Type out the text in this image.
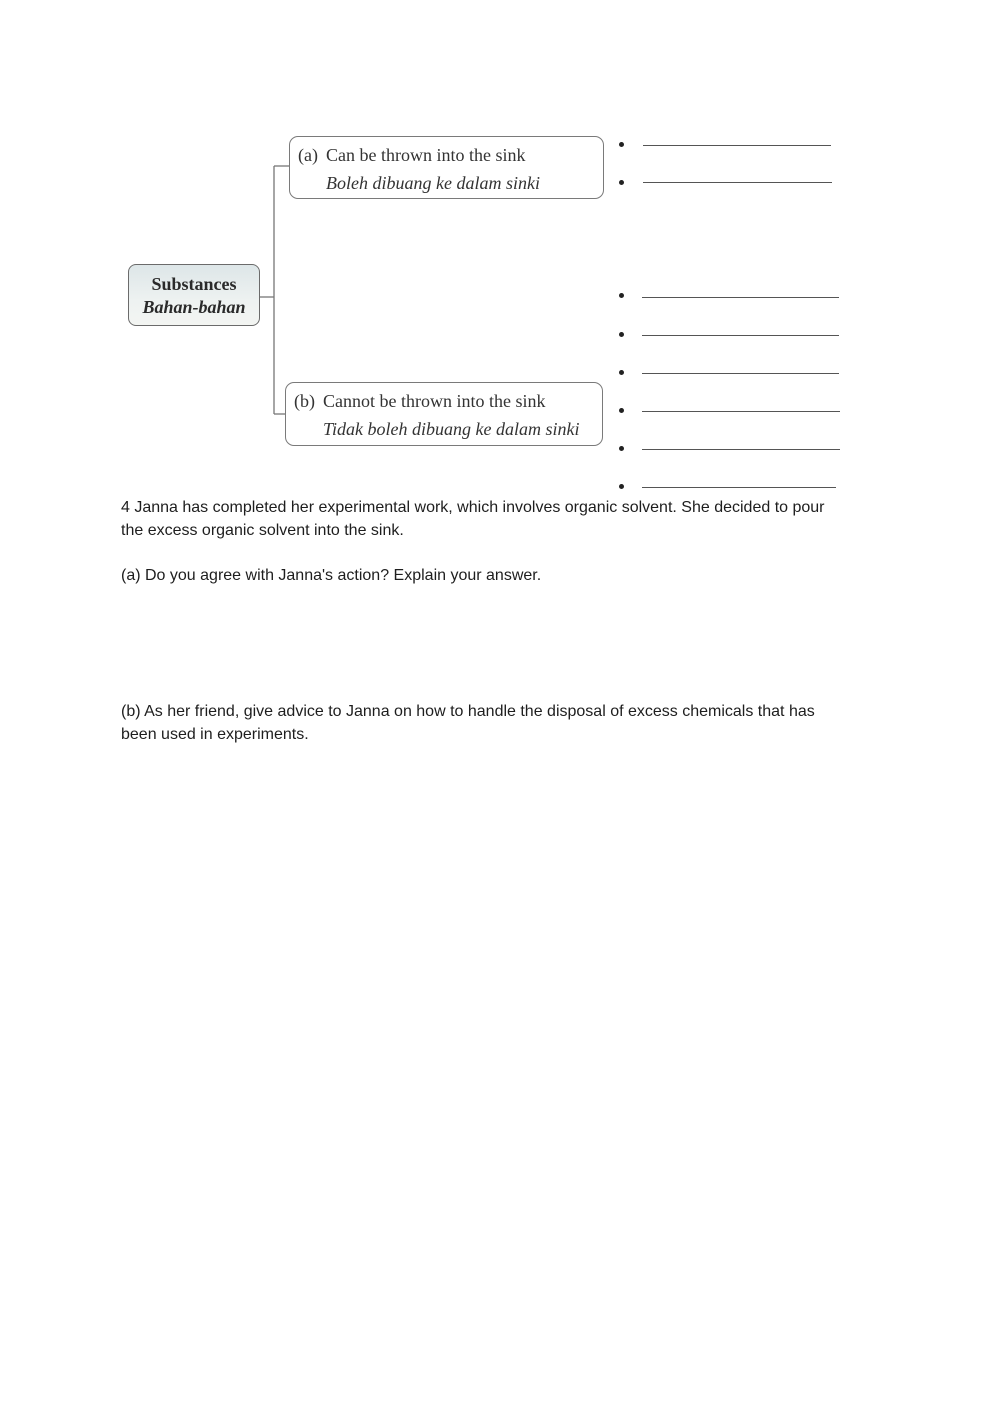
Substances
Bahan-bahan
(a) Can be thrown into the sink
Boleh dibuang ke dalam sinki
(b) Cannot be thrown into the sink
Tidak boleh dibuang ke dalam sinki
4 Janna has completed her experimental work, which involves organic solvent. She decided to pour the excess organic solvent into the sink.
(a) Do you agree with Janna's action? Explain your answer.
(b) As her friend, give advice to Janna on how to handle the disposal of excess chemicals that has been used in experiments.
